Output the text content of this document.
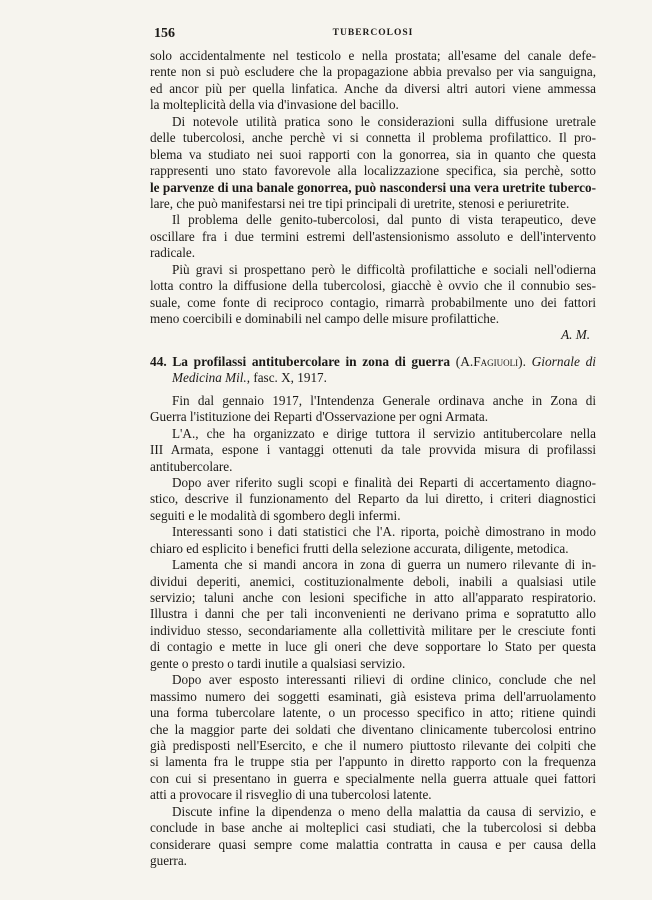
156	TUBERCOLOSI
solo accidentalmente nel testicolo e nella prostata; all'esame del canale defe-
rente non si può escludere che la propagazione abbia prevalso per via sanguigna,
ed ancor più per quella linfatica. Anche da diversi altri autori viene ammessa
la molteplicità della via d'invasione del bacillo.
Di notevole utilità pratica sono le considerazioni sulla diffusione uretrale
delle tubercolosi, anche perchè vi si connetta il problema profilattico. Il pro-
blema va studiato nei suoi rapporti con la gonorrea, sia in quanto che questa
rappresenti uno stato favorevole alla localizzazione specifica, sia perchè, sotto
le parvenze di una banale gonorrea, può nascondersi una vera uretrite tuberco-
lare, che può manifestarsi nei tre tipi principali di uretrite, stenosi e periuretrite.
Il problema delle genito-tubercolosi, dal punto di vista terapeutico, deve
oscillare fra i due termini estremi dell'astensionismo assoluto e dell'intervento
radicale.
Più gravi si prospettano però le difficoltà profilattiche e sociali nell'odierna
lotta contro la diffusione della tubercolosi, giacchè è ovvio che il connubio ses-
suale, come fonte di reciproco contagio, rimarrà probabilmente uno dei fattori
meno coercibili e dominabili nel campo delle misure profilattiche.
A. M.
44. La profilassi antitubercolare in zona di guerra (A.Fagiuoli). Giornale di
Medicina Mil., fasc. X, 1917.
Fin dal gennaio 1917, l'Intendenza Generale ordinava anche in Zona di
Guerra l'istituzione dei Reparti d'Osservazione per ogni Armata.
L'A., che ha organizzato e dirige tuttora il servizio antitubercolare nella
III Armata, espone i vantaggi ottenuti da tale provvida misura di profilassi
antitubercolare.
Dopo aver riferito sugli scopi e finalità dei Reparti di accertamento diagno-
stico, descrive il funzionamento del Reparto da lui diretto, i criteri diagnostici
seguiti e le modalità di sgombero degli infermi.
Interessanti sono i dati statistici che l'A. riporta, poichè dimostrano in modo
chiaro ed esplicito i benefici frutti della selezione accurata, diligente, metodica.
Lamenta che si mandi ancora in zona di guerra un numero rilevante di in-
dividui deperiti, anemici, costituzionalmente deboli, inabili a qualsiasi utile
servizio; taluni anche con lesioni specifiche in atto all'apparato respiratorio.
Illustra i danni che per tali inconvenienti ne derivano prima e sopratutto allo
individuo stesso, secondariamente alla collettività militare per le cresciute fonti
di contagio e mette in luce gli oneri che deve sopportare lo Stato per questa
gente o presto o tardi inutile a qualsiasi servizio.
Dopo aver esposto interessanti rilievi di ordine clinico, conclude che nel
massimo numero dei soggetti esaminati, già esisteva prima dell'arruolamento
una forma tubercolare latente, o un processo specifico in atto; ritiene quindi
che la maggior parte dei soldati che diventano clinicamente tubercolosi entrino
già predisposti nell'Esercito, e che il numero piuttosto rilevante dei colpiti che
si lamenta fra le truppe stia per l'appunto in diretto rapporto con la frequenza
con cui si presentano in guerra e specialmente nella guerra attuale quei fattori
atti a provocare il risveglio di una tubercolosi latente.
Discute infine la dipendenza o meno della malattia da causa di servizio, e
conclude in base anche ai molteplici casi studiati, che la tubercolosi si debba
considerare quasi sempre come malattia contratta in causa e per causa della
guerra.
